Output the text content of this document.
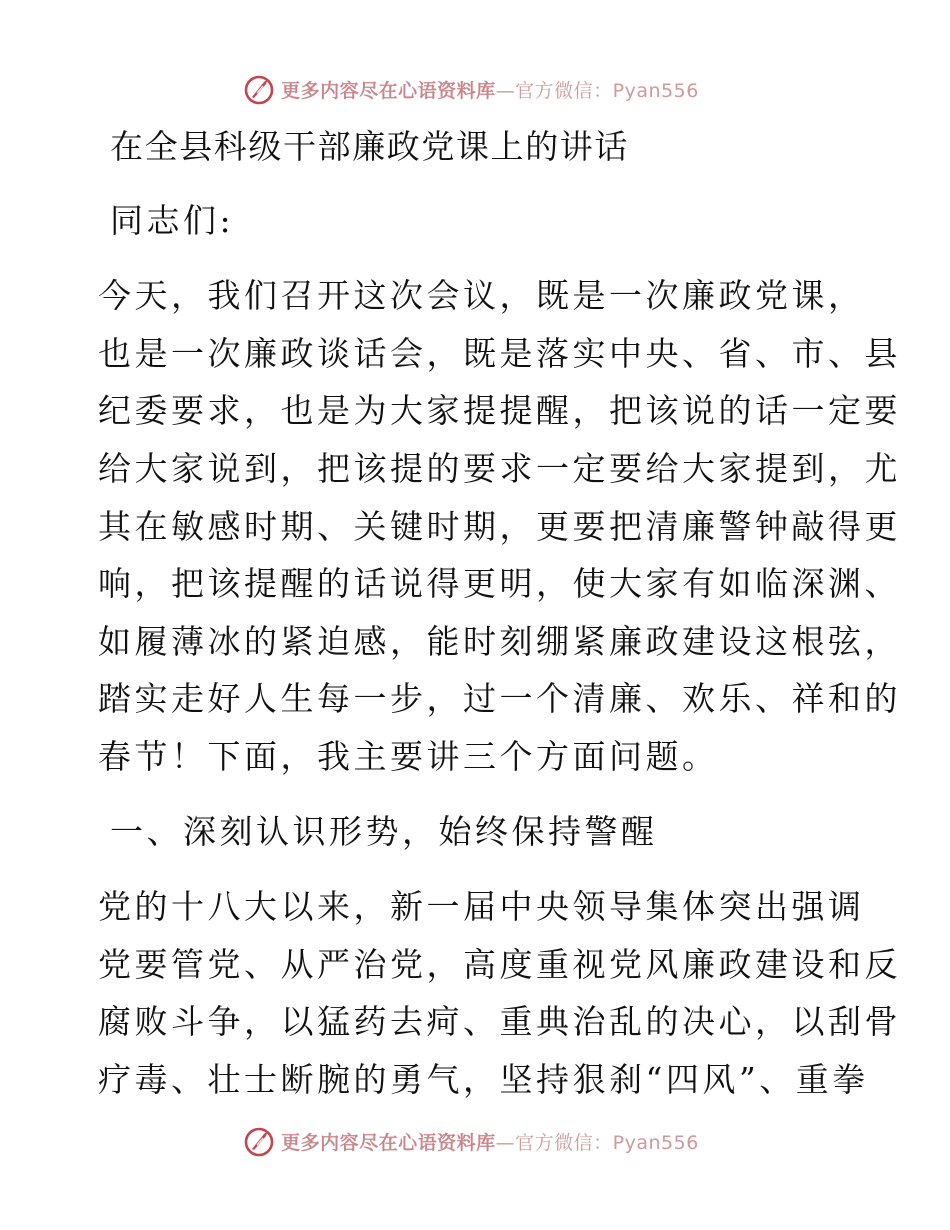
更多内容尽在心语资料库—官方微信：Pyan556
在全县科级干部廉政党课上的讲话
同志们:
今天，我们召开这次会议，既是一次廉政党课，
也是一次廉政谈话会，既是落实中央、省、市、县
纪委要求，也是为大家提提醒，把该说的话一定要
给大家说到，把该提的要求一定要给大家提到，尤
其在敏感时期、关键时期，更要把清廉警钟敲得更
响，把该提醒的话说得更明，使大家有如临深渊、
如履薄冰的紧迫感，能时刻绷紧廉政建设这根弦，
踏实走好人生每一步，过一个清廉、欢乐、祥和的
春节！下面，我主要讲三个方面问题。
一、深刻认识形势，始终保持警醒
党的十八大以来，新一届中央领导集体突出强调
党要管党、从严治党，高度重视党风廉政建设和反
腐败斗争，以猛药去疴、重典治乱的决心，以刮骨
疗毒、壮士断腕的勇气，坚持狠刹“四风”、重拳
更多内容尽在心语资料库—官方微信：Pyan556
